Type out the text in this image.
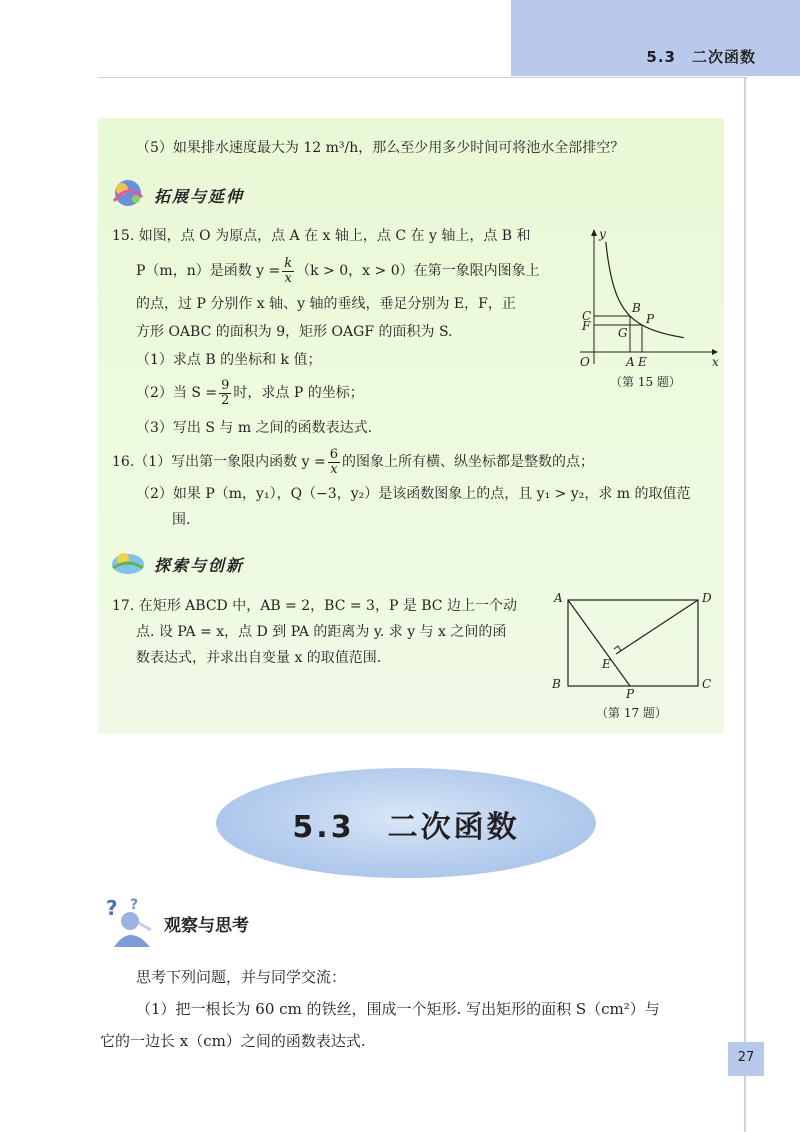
5.3　二次函数
（5）如果排水速度最大为 12 m³/h，那么至少用多少时间可将池水全部排空？
拓展与延伸
15. 如图，点 O 为原点，点 A 在 x 轴上，点 C 在 y 轴上，点 B 和
P（m，n）是函数 $y = \frac{k}{x} (k > 0$，x > 0）在第一象限内图象上
的点，过 P 分别作 x 轴、y 轴的垂线，垂足分别为 E，F，正
方形 OABC 的面积为 9，矩形 OAGF 的面积为 S.
（1）求点 B 的坐标和 k 值；
（2）当 $S = \frac{9}{2}$ 时，求点 P 的坐标；
（3）写出 S 与 m 之间的函数表达式.
y
x
O	A E
C
F G
B
P
（第 15 题）
16.（1）写出第一象限内函数 $y = \frac{6}{x}$ 的图象上所有横、纵坐标都是整数的点；
（2）如果 P（m，y₁），Q（−3，y₂）是该函数图象上的点，且 y₁ > y₂，求 m 的取值范
围.
探索与创新
17. 在矩形 ABCD 中，AB = 2，BC = 3，P 是 BC 边上一个动
点. 设 PA = x，点 D 到 PA 的距离为 y. 求 y 与 x 之间的函
数表达式，并求出自变量 x 的取值范围.
A	D
B	C
E
P
（第 17 题）
5.3　二次函数
? ?
观察与思考
思考下列问题，并与同学交流：
（1）把一根长为 60 cm 的铁丝，围成一个矩形. 写出矩形的面积 S（cm²）与
它的一边长 x（cm）之间的函数表达式.
27
